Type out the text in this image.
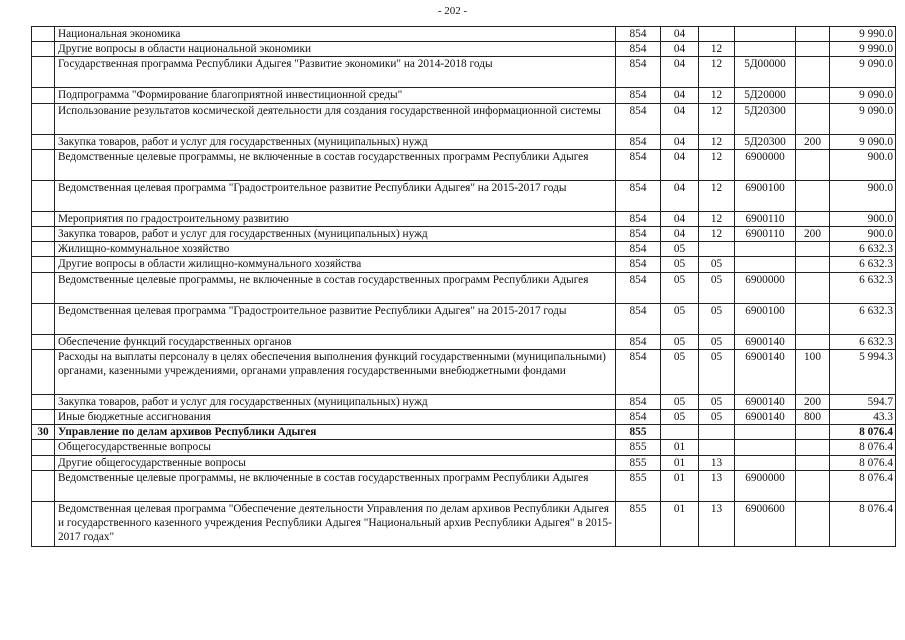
- 202 -
	Национальная экономика	854	04				9 990.0
	Другие вопросы в области национальной экономики	854	04	12			9 990.0
	Государственная программа Республики Адыгея "Развитие экономики" на 2014-2018 годы	854	04	12	5Д00000		9 090.0
	Подпрограмма "Формирование благоприятной инвестиционной среды"	854	04	12	5Д20000		9 090.0
	Использование результатов космической деятельности для создания государственной информационной системы	854	04	12	5Д20300		9 090.0
	Закупка товаров, работ и услуг для государственных (муниципальных) нужд	854	04	12	5Д20300	200	9 090.0
	Ведомственные целевые программы, не включенные в состав государственных программ Республики Адыгея	854	04	12	6900000		900.0
	Ведомственная целевая программа "Градостроительное развитие Республики Адыгея" на 2015-2017 годы	854	04	12	6900100		900.0
	Мероприятия по градостроительному развитию	854	04	12	6900110		900.0
	Закупка товаров, работ и услуг для государственных (муниципальных) нужд	854	04	12	6900110	200	900.0
	Жилищно-коммунальное хозяйство	854	05				6 632.3
	Другие вопросы в области жилищно-коммунального хозяйства	854	05	05			6 632.3
	Ведомственные целевые программы, не включенные в состав государственных программ Республики Адыгея	854	05	05	6900000		6 632.3
	Ведомственная целевая программа "Градостроительное развитие Республики Адыгея" на 2015-2017 годы	854	05	05	6900100		6 632.3
	Обеспечение функций государственных органов	854	05	05	6900140		6 632.3
	Расходы на выплаты персоналу в целях обеспечения выполнения функций государственными (муниципальными) органами, казенными учреждениями, органами управления государственными внебюджетными фондами	854	05	05	6900140	100	5 994.3
	Закупка товаров, работ и услуг для государственных (муниципальных) нужд	854	05	05	6900140	200	594.7
	Иные бюджетные ассигнования	854	05	05	6900140	800	43.3
30	Управление по делам архивов Республики Адыгея	855					8 076.4
	Общегосударственные вопросы	855	01				8 076.4
	Другие общегосударственные вопросы	855	01	13			8 076.4
	Ведомственные целевые программы, не включенные в состав государственных программ Республики Адыгея	855	01	13	6900000		8 076.4
	Ведомственная целевая программа "Обеспечение деятельности Управления по делам архивов Республики Адыгея и государственного казенного учреждения Республики Адыгея "Национальный архив Республики Адыгея" в 2015-2017 годах"	855	01	13	6900600		8 076.4
